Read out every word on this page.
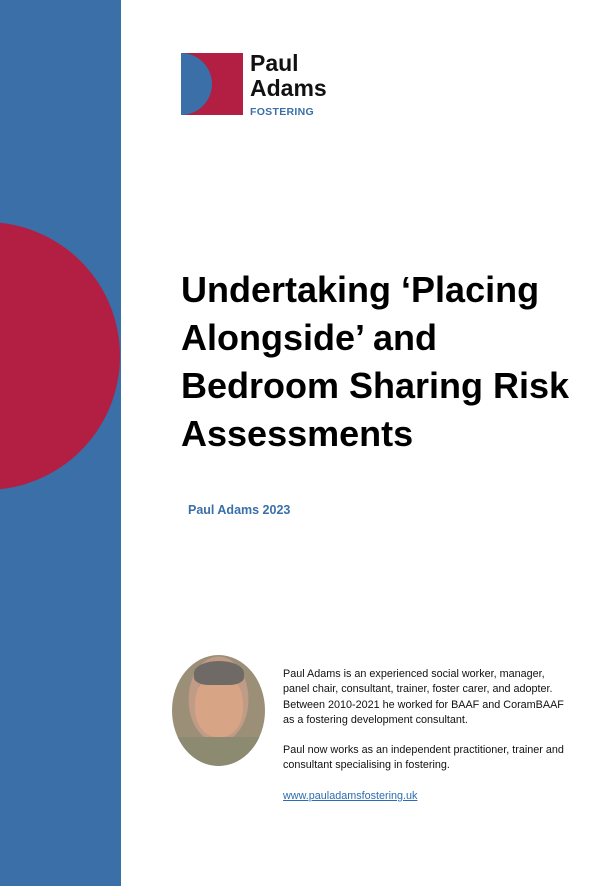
Paul
Adams
FOSTERING
Undertaking ‘Placing Alongside’ and Bedroom Sharing Risk Assessments
Paul Adams 2023

Paul Adams is an experienced social worker, manager, panel chair, consultant, trainer, foster carer, and adopter. Between 2010-2021 he worked for BAAF and CoramBAAF as a fostering development consultant.

Paul now works as an independent practitioner, trainer and consultant specialising in fostering.

www.pauladamsfostering.uk
